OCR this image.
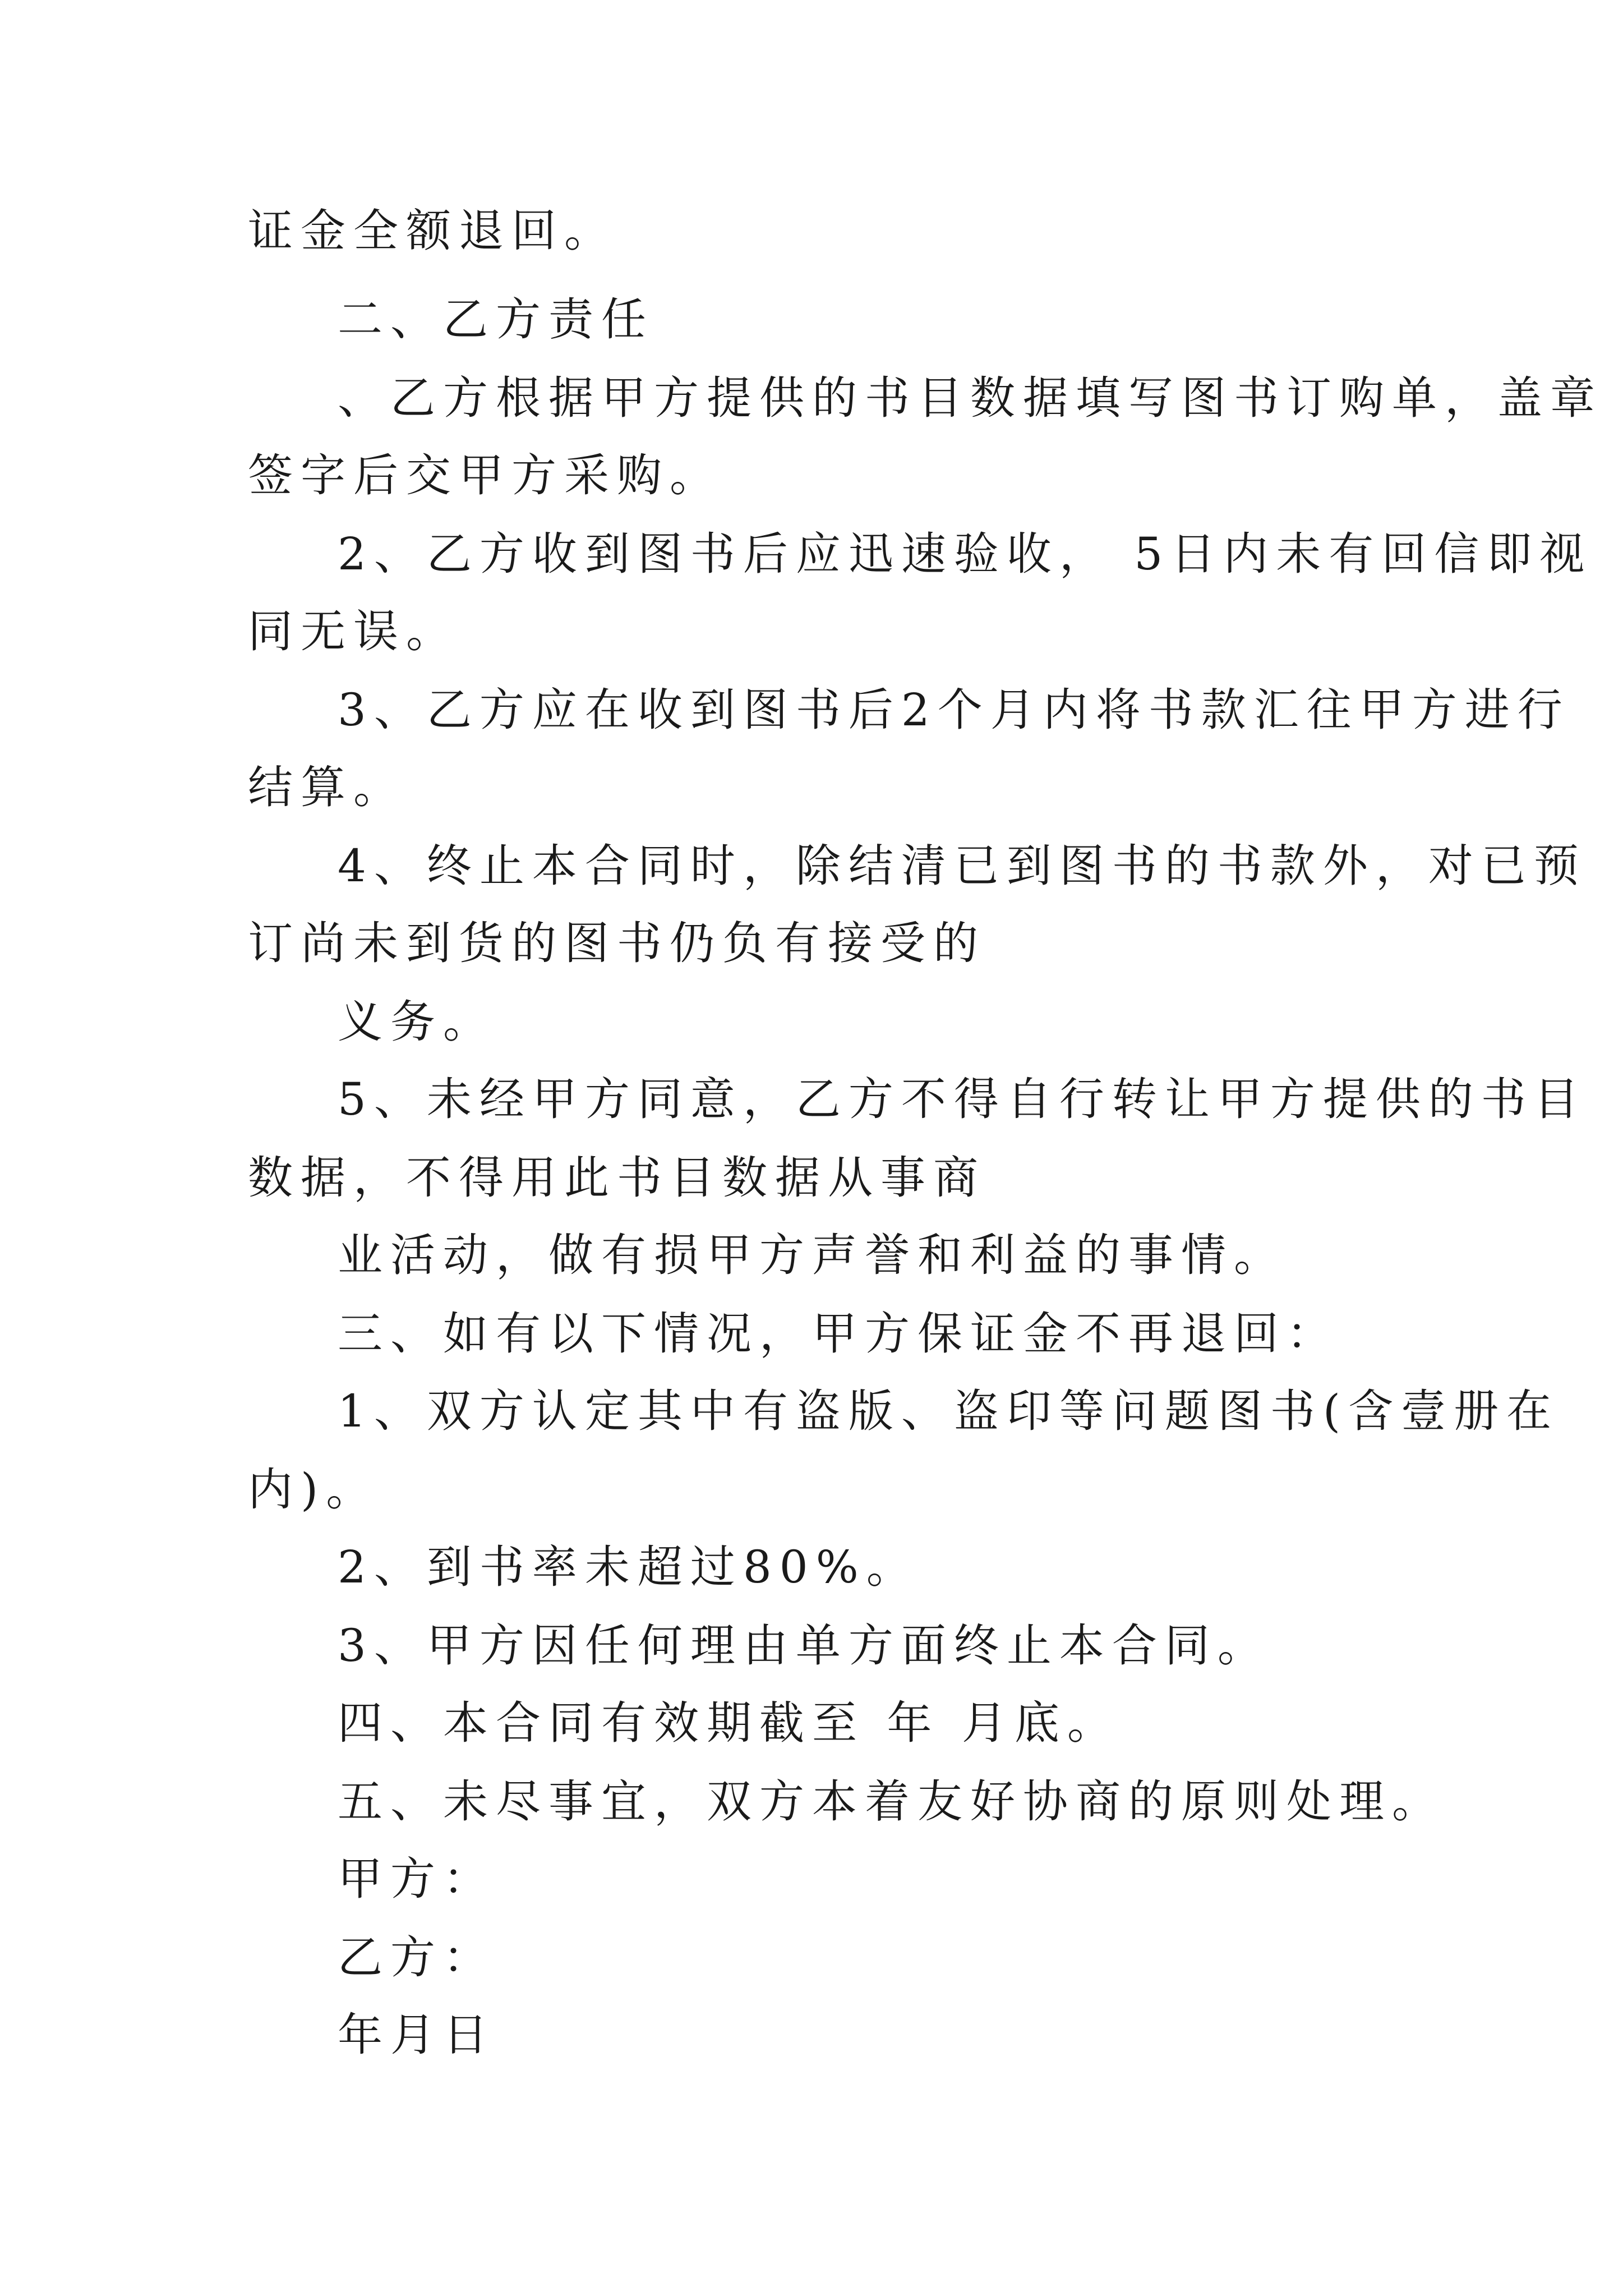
证金全额退回。

二、乙方责任

、乙方根据甲方提供的书目数据填写图书订购单，盖章

签字后交甲方采购。

2、乙方收到图书后应迅速验收， 5日内未有回信即视

同无误。

3、乙方应在收到图书后2个月内将书款汇往甲方进行

结算。

4、终止本合同时，除结清已到图书的书款外，对已预

订尚未到货的图书仍负有接受的

义务。

5、未经甲方同意，乙方不得自行转让甲方提供的书目

数据，不得用此书目数据从事商

业活动，做有损甲方声誉和利益的事情。

三、如有以下情况，甲方保证金不再退回：

1、双方认定其中有盗版、盗印等问题图书(含壹册在

内)。

2、到书率未超过80%。

3、甲方因任何理由单方面终止本合同。

四、本合同有效期截至 年 月底。

五、未尽事宜，双方本着友好协商的原则处理。

甲方：

乙方：

年月日
